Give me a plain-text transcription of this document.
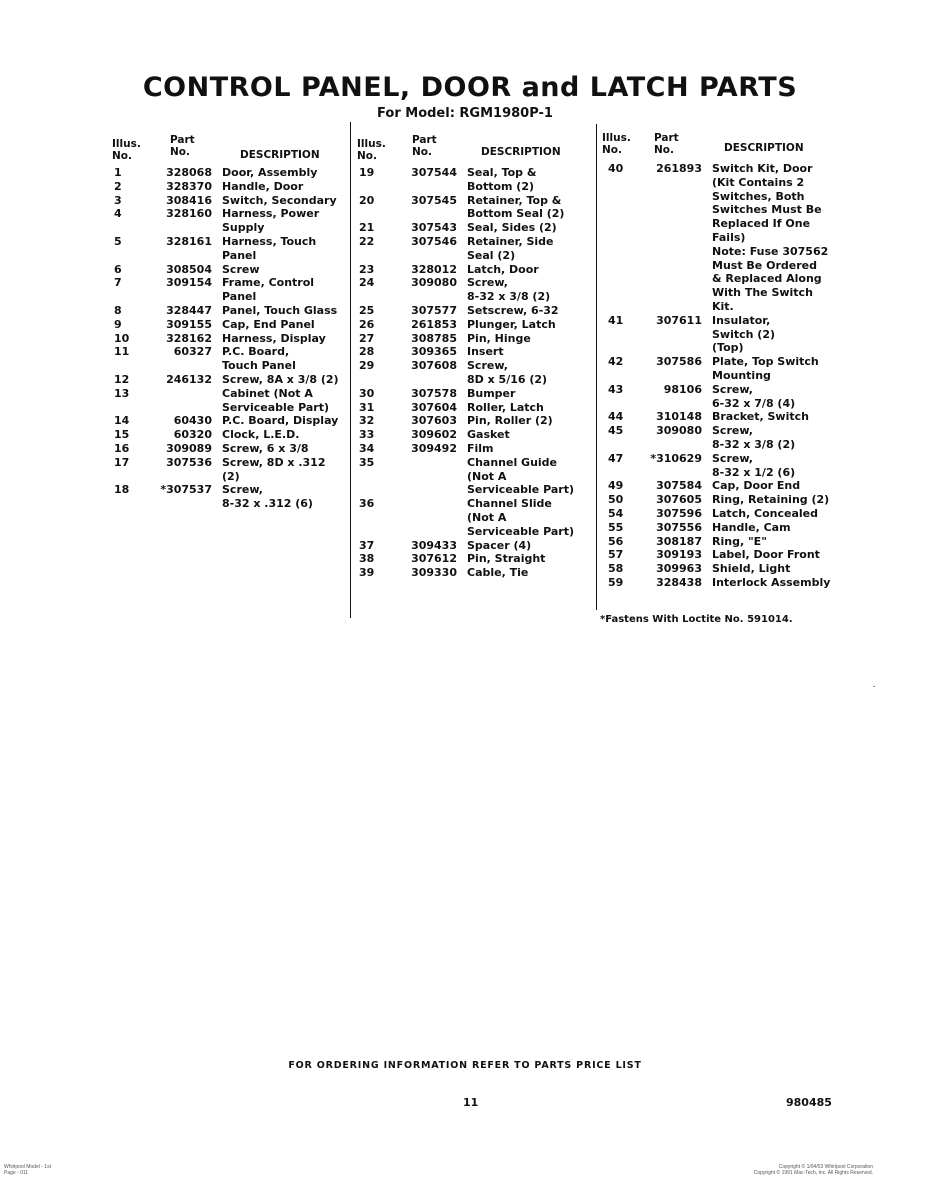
CONTROL PANEL, DOOR and LATCH PARTS
For Model: RGM1980P-1
Illus.
No.
Part
No.	DESCRIPTION
1	328068 Door, Assembly
2	328370 Handle, Door
3	308416 Switch, Secondary
4	328160 Harness, Power
Supply
5	328161 Harness, Touch
Panel
6	308504 Screw
7	309154 Frame, Control
Panel
8	328447 Panel, Touch Glass
9	309155 Cap, End Panel
10	328162 Harness, Display
11	60327 P.C. Board,
Touch Panel
12	246132 Screw, 8A x 3/8 (2)
13	Cabinet (Not A
Serviceable Part)
14	60430 P.C. Board, Display
15	60320 Clock, L.E.D.
16	309089 Screw, 6 x 3/8
17	307536 Screw, 8D x .312 (2)
18	*307537 Screw,
8-32 x .312 (6)
Illus.
No.
Part
No.	DESCRIPTION
19	307544 Seal, Top &
Bottom (2)
20	307545 Retainer, Top &
Bottom Seal (2)
21	307543 Seal, Sides (2)
22	307546 Retainer, Side
Seal (2)
23	328012 Latch, Door
24	309080 Screw,
8-32 x 3/8 (2)
25	307577 Setscrew, 6-32
26	261853 Plunger, Latch
27	308785 Pin, Hinge
28	309365 Insert
29	307608 Screw,
8D x 5/16 (2)
30	307578 Bumper
31	307604 Roller, Latch
32	307603 Pin, Roller (2)
33	309602 Gasket
34	309492 Film
35	Channel Guide
(Not A
Serviceable Part)
36	Channel Slide
(Not A
Serviceable Part)
37	309433 Spacer (4)
38	307612 Pin, Straight
39	309330 Cable, Tie
Illus.
No.
Part
No.	DESCRIPTION
40	261893 Switch Kit, Door
(Kit Contains 2
Switches, Both
Switches Must Be
Replaced If One
Fails)
Note: Fuse 307562
Must Be Ordered
& Replaced Along
With The Switch
Kit.
41	307611 Insulator,
Switch (2)
(Top)
42	307586 Plate, Top Switch
Mounting
43	98106 Screw,
6-32 x 7/8 (4)
44	310148 Bracket, Switch
45	309080 Screw,
8-32 x 3/8 (2)
47	*310629 Screw,
8-32 x 1/2 (6)
49	307584 Cap, Door End
50	307605 Ring, Retaining (2)
54	307596 Latch, Concealed
55	307556 Handle, Cam
56	308187 Ring, "E"
57	309193 Label, Door Front
58	309963 Shield, Light
59	328438 Interlock Assembly
*Fastens With Loctite No. 591014.
FOR ORDERING INFORMATION REFER TO PARTS PRICE LIST
11	980485
Whirlpool Model - 1st
Page - 011
Copyright © 1/04/03 Whirlpool Corporation
Copyright © 1991 Mac-Tech, Inc. All Rights Reserved.
